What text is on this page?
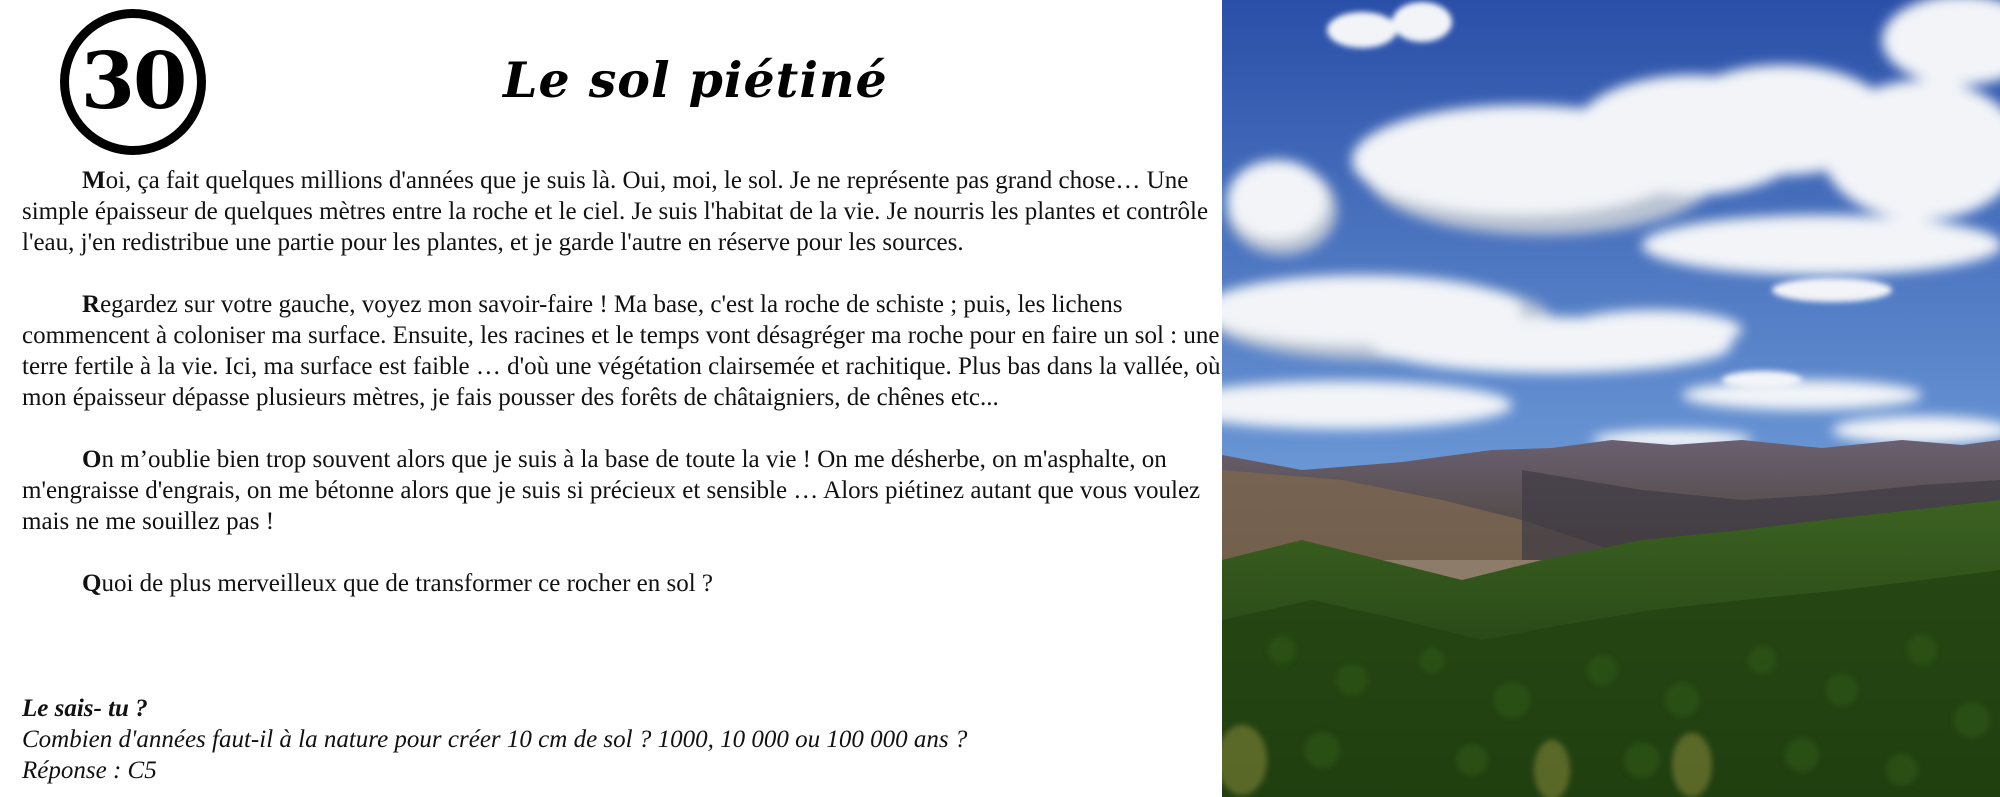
30	Le sol piétiné

Moi, ça fait quelques millions d'années que je suis là. Oui, moi, le sol. Je ne représente pas grand chose… Une simple épaisseur de quelques mètres entre la roche et le ciel. Je suis l'habitat de la vie. Je nourris les plantes et contrôle l'eau, j'en redistribue une partie pour les plantes, et je garde l'autre en réserve pour les sources.

Regardez sur votre gauche, voyez mon savoir-faire ! Ma base, c'est la roche de schiste ; puis, les lichens commencent à coloniser ma surface. Ensuite, les racines et le temps vont désagréger ma roche pour en faire un sol : une terre fertile à la vie. Ici, ma surface est faible … d'où une végétation clairsemée et rachitique. Plus bas dans la vallée, où mon épaisseur dépasse plusieurs mètres, je fais pousser des forêts de châtaigniers, de chênes etc...

On m’oublie bien trop souvent alors que je suis à la base de toute la vie ! On me désherbe, on m'asphalte, on m'engraisse d'engrais, on me bétonne alors que je suis si précieux et sensible … Alors piétinez autant que vous voulez mais ne me souillez pas !

Quoi de plus merveilleux que de transformer ce rocher en sol ?

Le sais- tu ?
Combien d'années faut-il à la nature pour créer 10 cm de sol ? 1000, 10 000 ou 100 000 ans ?
Réponse : C5
